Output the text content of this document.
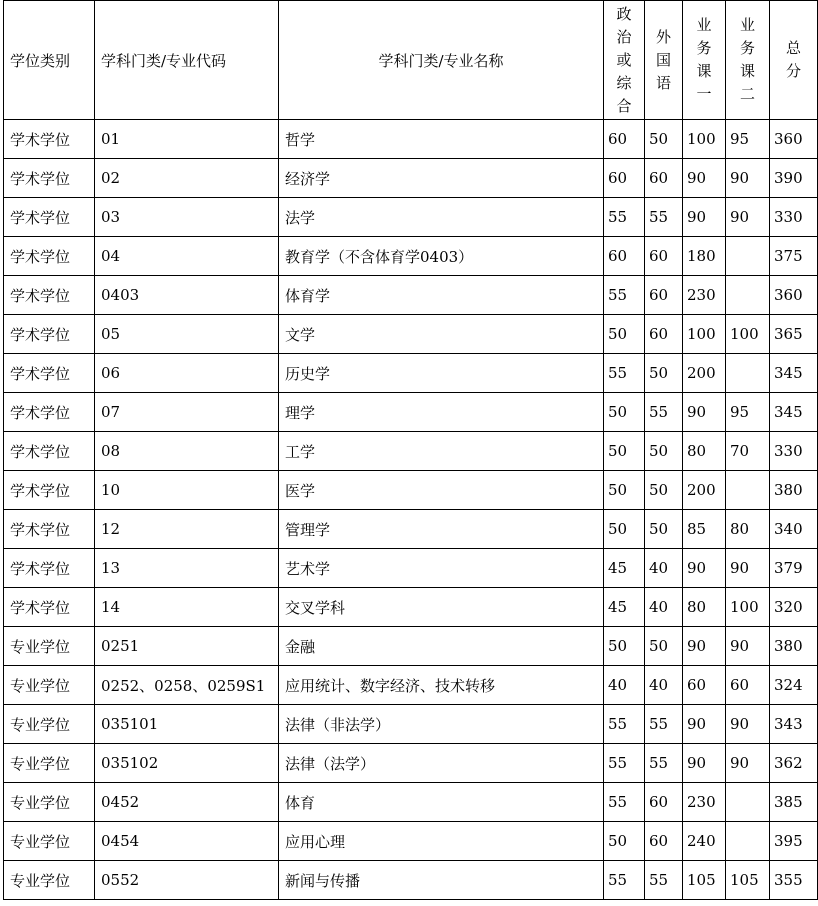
学位类别	学科门类/专业代码	学科门类/专业名称	政
治
或
综
合	外
国
语	业
务
课
一	业
务
课
二	总
分

学术学位	01	哲学	60	50	100	95	360
学术学位	02	经济学	60	60	90	90	390
学术学位	03	法学	55	55	90	90	330
学术学位	04	教育学（不含体育学0403）	60	60	180		375
学术学位	0403	体育学	55	60	230		360
学术学位	05	文学	50	60	100	100	365
学术学位	06	历史学	55	50	200		345
学术学位	07	理学	50	55	90	95	345
学术学位	08	工学	50	50	80	70	330
学术学位	10	医学	50	50	200		380
学术学位	12	管理学	50	50	85	80	340
学术学位	13	艺术学	45	40	90	90	379
学术学位	14	交叉学科	45	40	80	100	320
专业学位	0251	金融	50	50	90	90	380
专业学位	0252、0258、0259S1	应用统计、数字经济、技术转移	40	40	60	60	324
专业学位	035101	法律（非法学）	55	55	90	90	343
专业学位	035102	法律（法学）	55	55	90	90	362
专业学位	0452	体育	55	60	230		385
专业学位	0454	应用心理	50	60	240		395
专业学位	0552	新闻与传播	55	55	105	105	355
